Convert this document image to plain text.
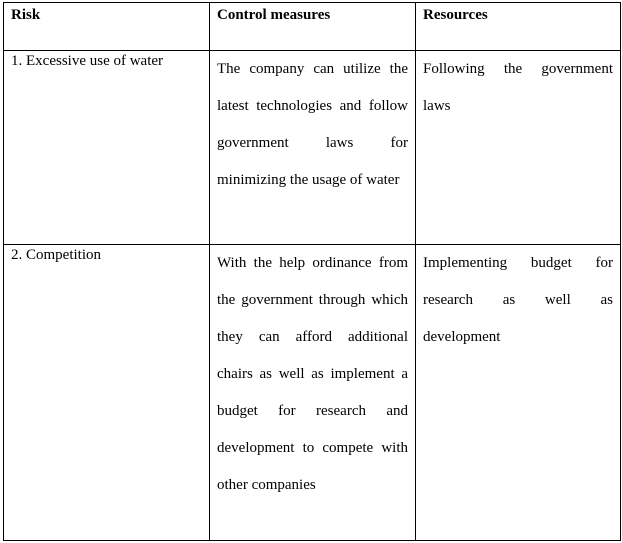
Risk	Control measures	Resources
1. Excessive use of water	The company can utilize the latest technologies and follow government laws for minimizing the usage of water	Following the government laws

2. Competition	With the help ordinance from the government through which they can afford additional chairs as well as implement a budget for research and development to compete with other companies	Implementing budget for research as well as development
